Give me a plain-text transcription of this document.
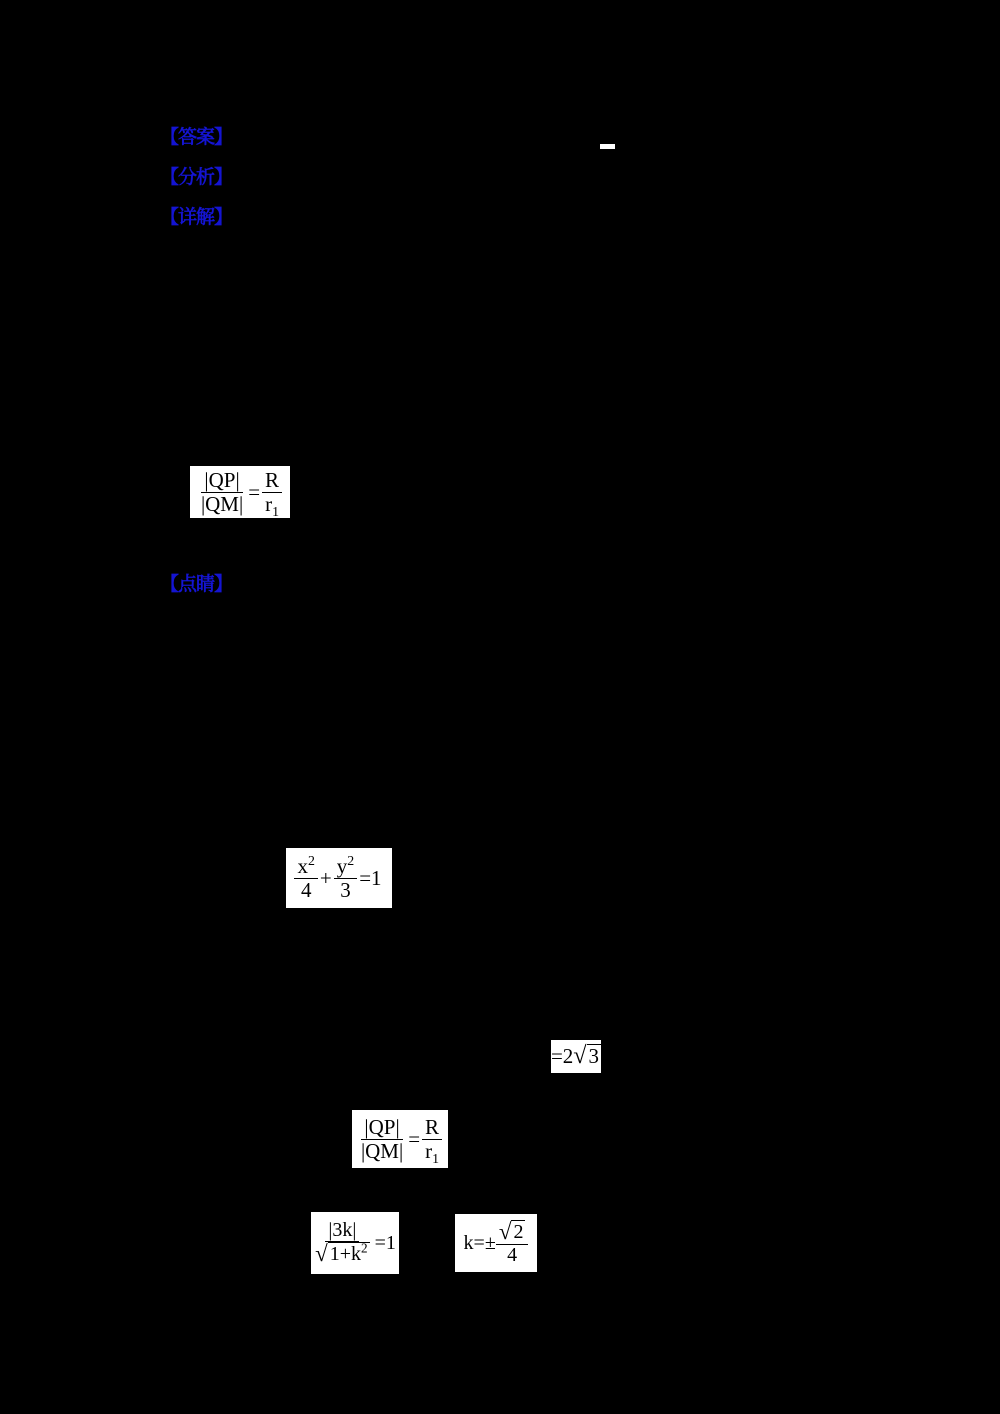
【答案】
【分析】
【详解】
$\frac{|QP|}{|QM|} = \frac{R}{r_1}$
【点睛】
$\frac{x^2}{4} + \frac{y^2}{3} =1$
=2 √ 3
$\frac{|QP|}{|QM|} = \frac{R}{r_1}$
$\frac{|3k|}{√ 1+k^2} =1$	$k=\pm \frac{√ 2}{4}$
